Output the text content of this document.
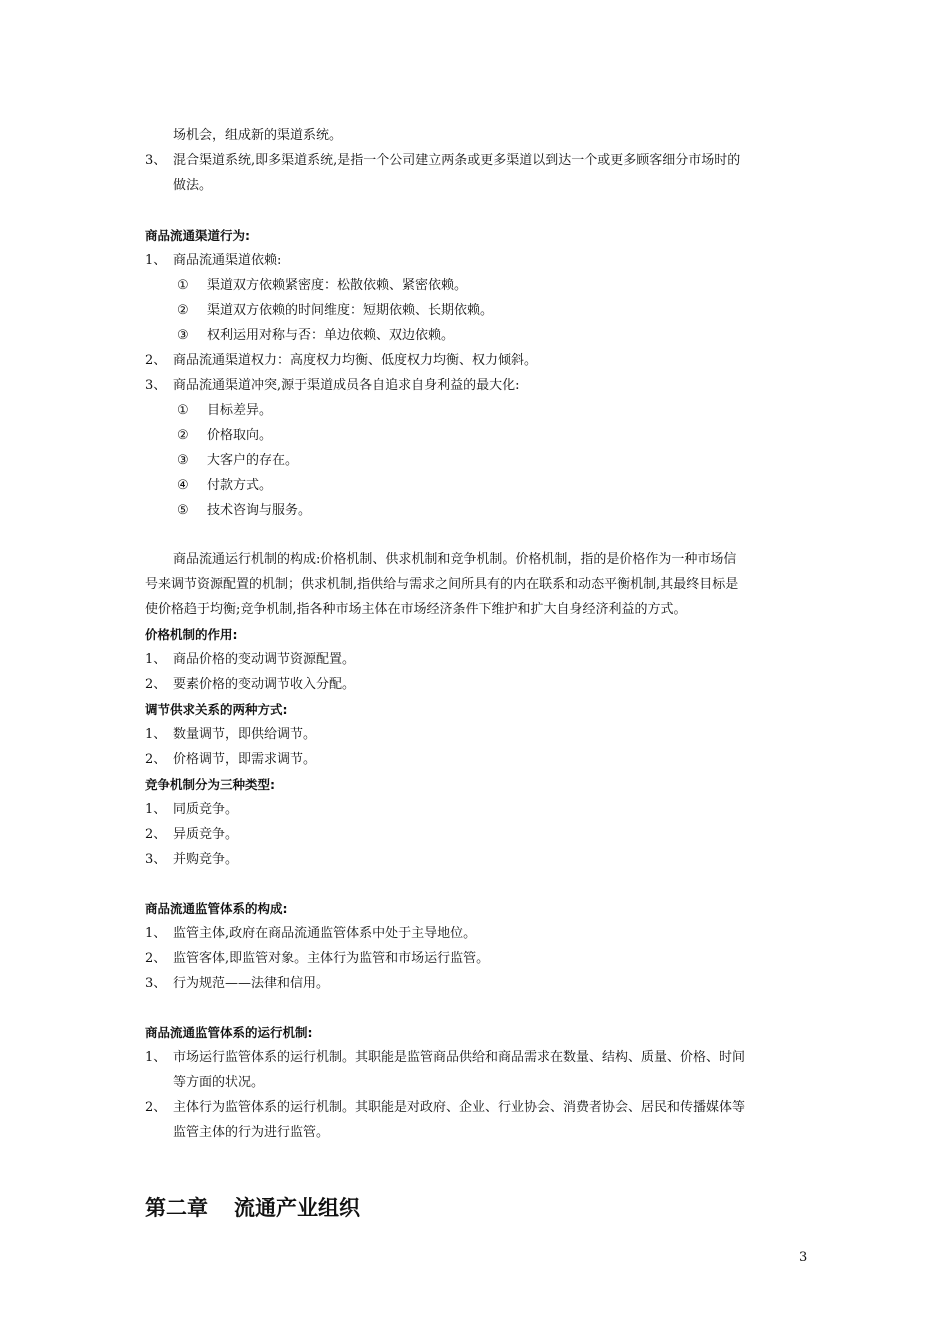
场机会，组成新的渠道系统。
3、 混合渠道系统,即多渠道系统,是指一个公司建立两条或更多渠道以到达一个或更多顾客细分市场时的
做法。
商品流通渠道行为:
1、 商品流通渠道依赖:
① 渠道双方依赖紧密度：松散依赖、紧密依赖。
② 渠道双方依赖的时间维度：短期依赖、长期依赖。
③ 权利运用对称与否：单边依赖、双边依赖。
2、 商品流通渠道权力：高度权力均衡、低度权力均衡、权力倾斜。
3、 商品流通渠道冲突,源于渠道成员各自追求自身利益的最大化:
① 目标差异。
② 价格取向。
③ 大客户的存在。
④ 付款方式。
⑤ 技术咨询与服务。
商品流通运行机制的构成:价格机制、供求机制和竞争机制。价格机制，指的是价格作为一种市场信
号来调节资源配置的机制；供求机制,指供给与需求之间所具有的内在联系和动态平衡机制,其最终目标是
使价格趋于均衡;竞争机制,指各种市场主体在市场经济条件下维护和扩大自身经济利益的方式。
价格机制的作用:
1、 商品价格的变动调节资源配置。
2、 要素价格的变动调节收入分配。
调节供求关系的两种方式:
1、 数量调节，即供给调节。
2、 价格调节，即需求调节。
竞争机制分为三种类型:
1、 同质竞争。
2、 异质竞争。
3、 并购竞争。
商品流通监管体系的构成:
1、 监管主体,政府在商品流通监管体系中处于主导地位。
2、 监管客体,即监管对象。主体行为监管和市场运行监管。
3、 行为规范——法律和信用。
商品流通监管体系的运行机制:
1、 市场运行监管体系的运行机制。其职能是监管商品供给和商品需求在数量、结构、质量、价格、时间
等方面的状况。
2、 主体行为监管体系的运行机制。其职能是对政府、企业、行业协会、消费者协会、居民和传播媒体等
监管主体的行为进行监管。
第二章 流通产业组织
3
